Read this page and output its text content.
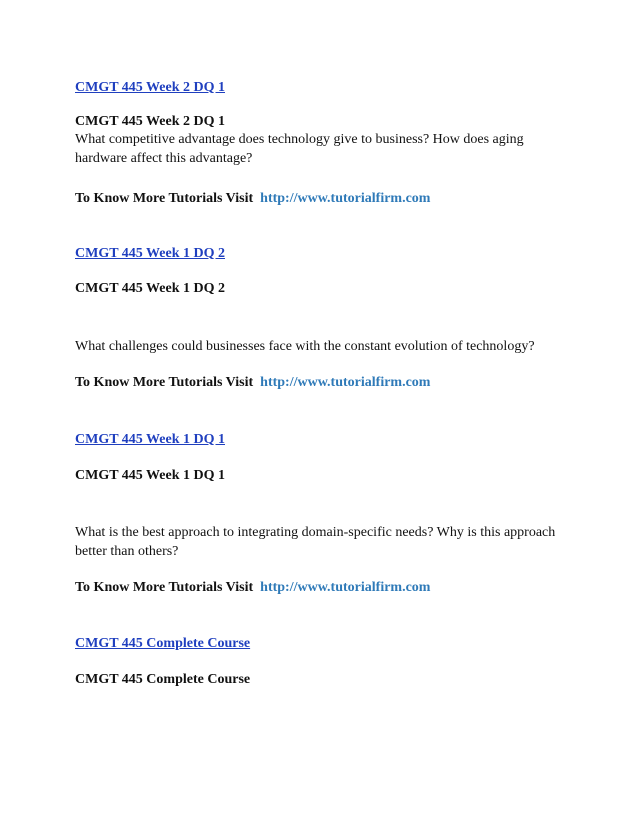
CMGT 445 Week 2 DQ 1
CMGT 445 Week 2 DQ 1
What competitive advantage does technology give to business? How does aging hardware affect this advantage?
To Know More Tutorials Visit http://www.tutorialfirm.com
CMGT 445 Week 1 DQ 2
CMGT 445 Week 1 DQ 2
What challenges could businesses face with the constant evolution of technology?
To Know More Tutorials Visit http://www.tutorialfirm.com
CMGT 445 Week 1 DQ 1
CMGT 445 Week 1 DQ 1
What is the best approach to integrating domain-specific needs? Why is this approach better than others?
To Know More Tutorials Visit http://www.tutorialfirm.com
CMGT 445 Complete Course
CMGT 445 Complete Course
